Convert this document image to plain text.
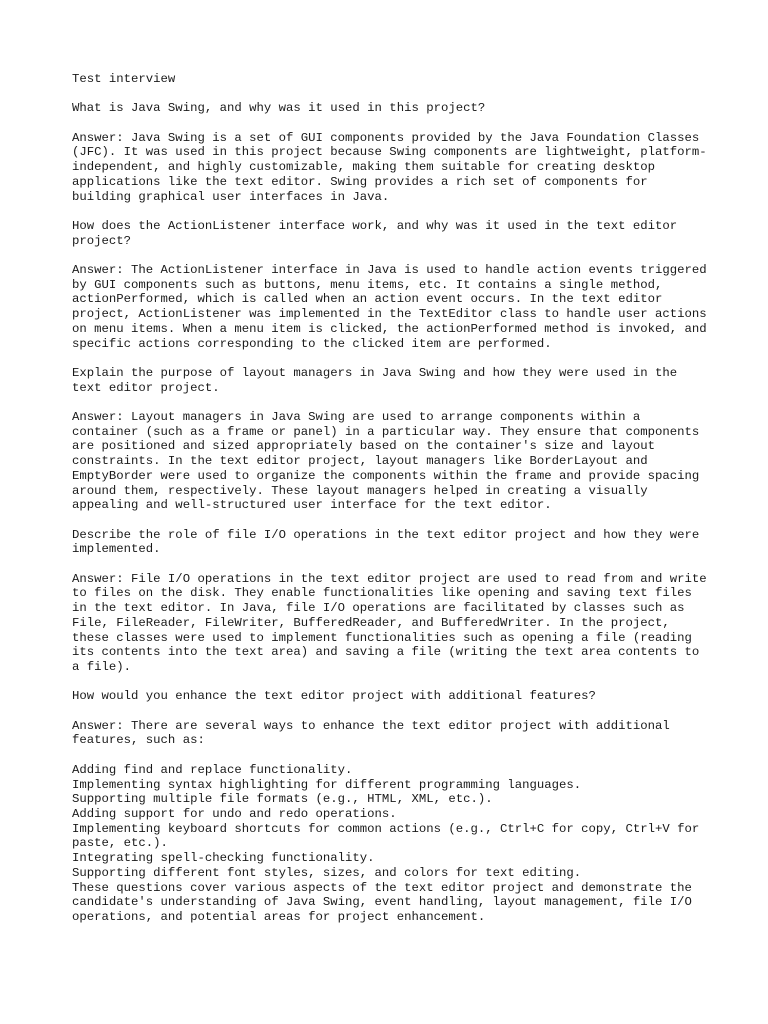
Test interview

What is Java Swing, and why was it used in this project?

Answer: Java Swing is a set of GUI components provided by the Java Foundation Classes (JFC). It was used in this project because Swing components are lightweight, platform-independent, and highly customizable, making them suitable for creating desktop applications like the text editor. Swing provides a rich set of components for building graphical user interfaces in Java.

How does the ActionListener interface work, and why was it used in the text editor project?

Answer: The ActionListener interface in Java is used to handle action events triggered by GUI components such as buttons, menu items, etc. It contains a single method, actionPerformed, which is called when an action event occurs. In the text editor project, ActionListener was implemented in the TextEditor class to handle user actions on menu items. When a menu item is clicked, the actionPerformed method is invoked, and specific actions corresponding to the clicked item are performed.

Explain the purpose of layout managers in Java Swing and how they were used in the text editor project.

Answer: Layout managers in Java Swing are used to arrange components within a container (such as a frame or panel) in a particular way. They ensure that components are positioned and sized appropriately based on the container's size and layout constraints. In the text editor project, layout managers like BorderLayout and EmptyBorder were used to organize the components within the frame and provide spacing around them, respectively. These layout managers helped in creating a visually appealing and well-structured user interface for the text editor.

Describe the role of file I/O operations in the text editor project and how they were implemented.

Answer: File I/O operations in the text editor project are used to read from and write to files on the disk. They enable functionalities like opening and saving text files in the text editor. In Java, file I/O operations are facilitated by classes such as File, FileReader, FileWriter, BufferedReader, and BufferedWriter. In the project, these classes were used to implement functionalities such as opening a file (reading its contents into the text area) and saving a file (writing the text area contents to a file).

How would you enhance the text editor project with additional features?

Answer: There are several ways to enhance the text editor project with additional features, such as:

Adding find and replace functionality.
Implementing syntax highlighting for different programming languages.
Supporting multiple file formats (e.g., HTML, XML, etc.).
Adding support for undo and redo operations.
Implementing keyboard shortcuts for common actions (e.g., Ctrl+C for copy, Ctrl+V for paste, etc.).
Integrating spell-checking functionality.
Supporting different font styles, sizes, and colors for text editing.

These questions cover various aspects of the text editor project and demonstrate the candidate's understanding of Java Swing, event handling, layout management, file I/O operations, and potential areas for project enhancement.
